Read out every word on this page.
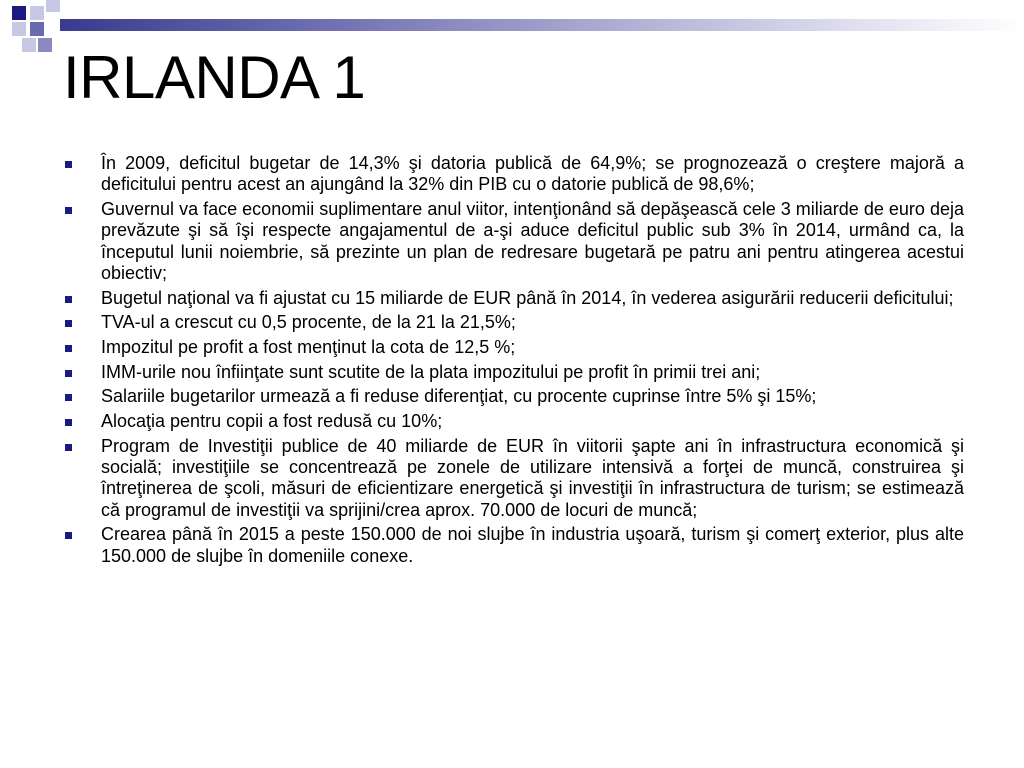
IRLANDA 1
În 2009, deficitul bugetar de 14,3% şi datoria publică de 64,9%; se prognozează o creştere majoră a deficitului pentru acest an ajungând la 32% din PIB cu o datorie publică de 98,6%;
Guvernul va face economii suplimentare anul viitor, intenţionând să depăşească cele 3 miliarde de euro deja prevăzute şi să îşi respecte angajamentul de a-şi aduce deficitul public sub 3% în 2014, urmând ca, la începutul lunii noiembrie, să prezinte un plan de redresare bugetară pe patru ani pentru atingerea acestui obiectiv;
Bugetul naţional va fi ajustat cu 15 miliarde de EUR până în 2014, în vederea asigurării reducerii deficitului;
TVA-ul a crescut cu 0,5 procente, de la 21 la 21,5%;
Impozitul pe profit a fost menţinut la cota de 12,5 %;
IMM-urile nou înfiinţate sunt scutite de la plata impozitului pe profit în primii trei ani;
Salariile bugetarilor urmează a fi reduse diferenţiat, cu procente cuprinse între 5% şi 15%;
Alocaţia pentru copii a fost redusă cu 10%;
Program de Investiţii publice de 40 miliarde de EUR în viitorii şapte ani în infrastructura economică şi socială; investiţiile se concentrează pe zonele de utilizare intensivă a forţei de muncă, construirea şi întreţinerea de şcoli, măsuri de eficientizare energetică şi investiţii în infrastructura de turism; se estimează că programul de investiţii va sprijini/crea aprox. 70.000 de locuri de muncă;
Crearea până în 2015 a peste 150.000 de noi slujbe în industria uşoară, turism şi comerţ exterior, plus alte 150.000 de slujbe în domeniile conexe.
